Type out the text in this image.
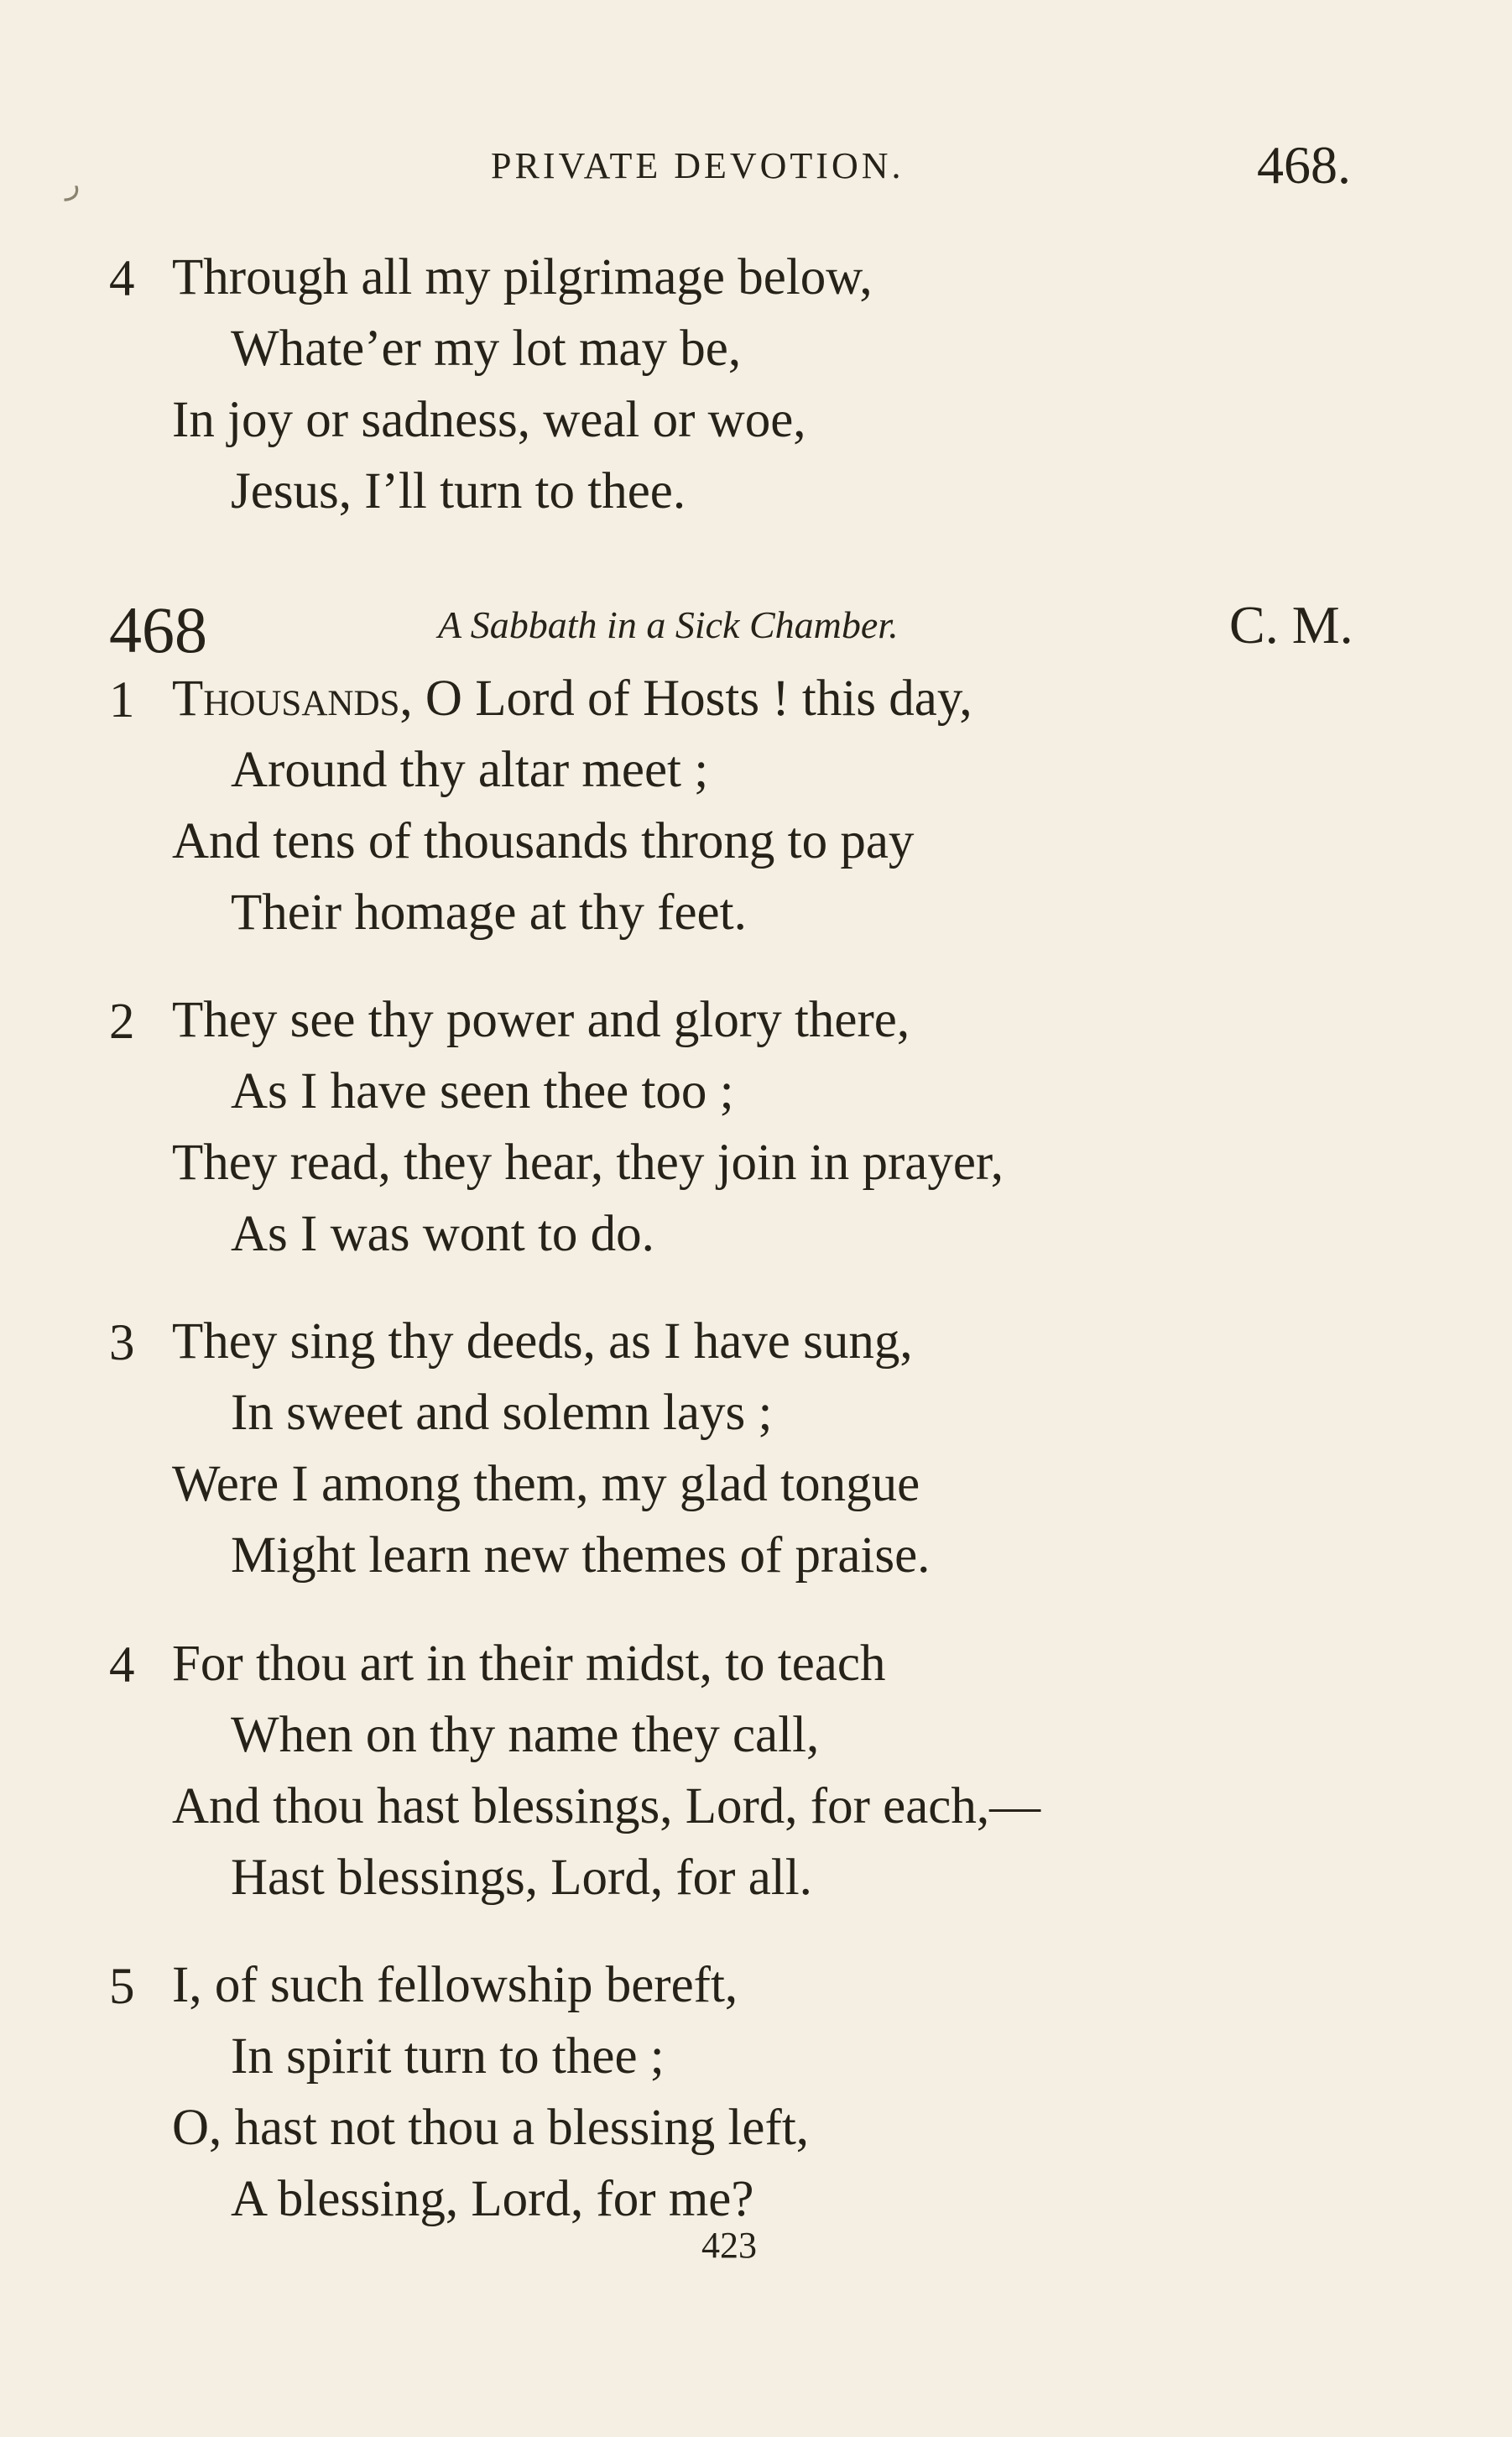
ر	PRIVATE DEVOTION.	468.
4 Through all my pilgrimage below,
Whate’er my lot may be,
In joy or sadness, weal or woe,
Jesus, I’ll turn to thee.
468	A Sabbath in a Sick Chamber.	C. M.
1 Thousands, O Lord of Hosts ! this day,
Around thy altar meet ;
And tens of thousands throng to pay
Their homage at thy feet.
2 They see thy power and glory there,
As I have seen thee too ;
They read, they hear, they join in prayer,
As I was wont to do.
3 They sing thy deeds, as I have sung,
In sweet and solemn lays ;
Were I among them, my glad tongue
Might learn new themes of praise.
4 For thou art in their midst, to teach
When on thy name they call,
And thou hast blessings, Lord, for each,—
Hast blessings, Lord, for all.
5 I, of such fellowship bereft,
In spirit turn to thee ;
O, hast not thou a blessing left,
A blessing, Lord, for me?
423
